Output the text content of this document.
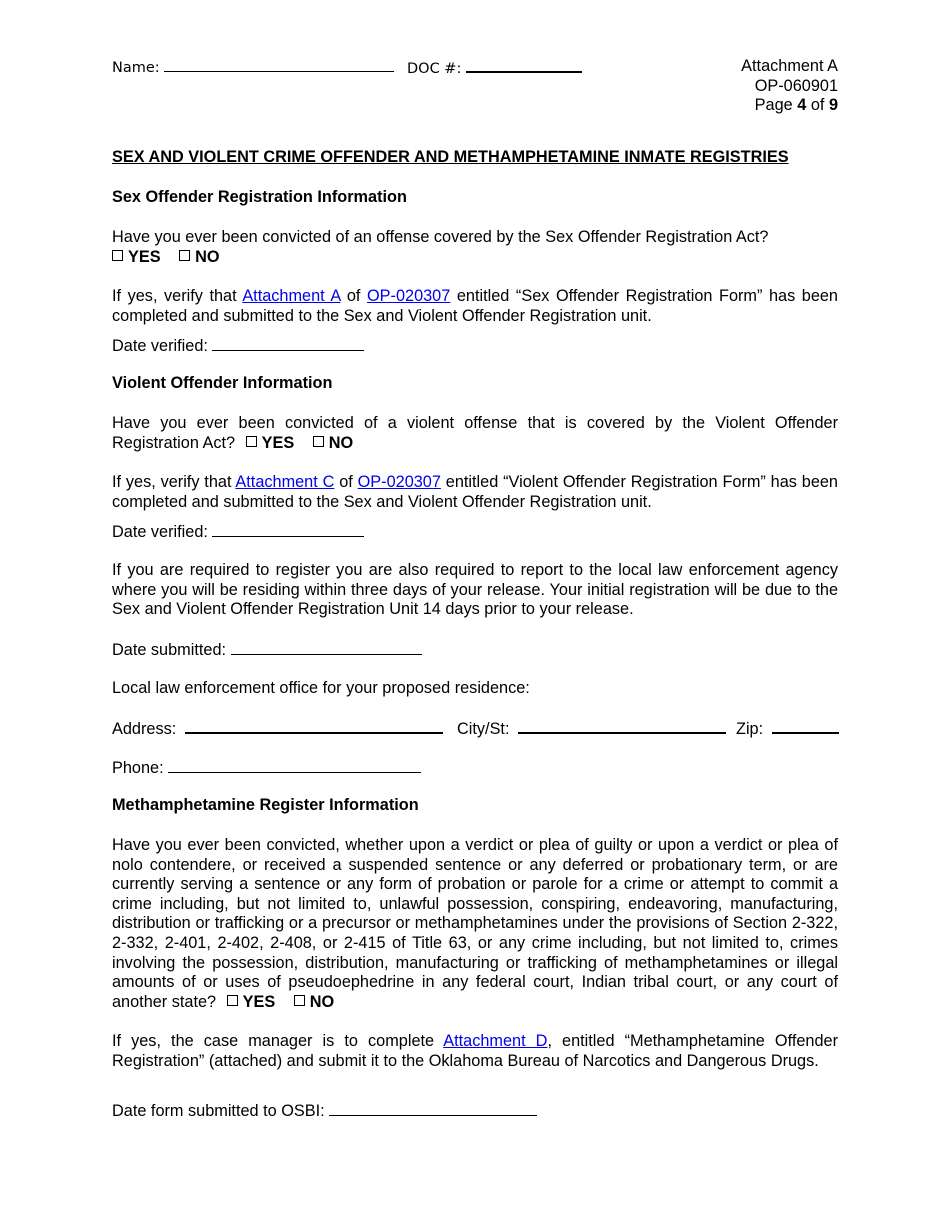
Name:	DOC #:	Attachment A
OP-060901
Page 4 of 9
SEX AND VIOLENT CRIME OFFENDER AND METHAMPHETAMINE INMATE REGISTRIES
Sex Offender Registration Information
Have you ever been convicted of an offense covered by the Sex Offender Registration Act?
YES NO
If yes, verify that Attachment A of OP-020307 entitled “Sex Offender Registration Form” has been completed and submitted to the Sex and Violent Offender Registration unit.
Date verified:
Violent Offender Information
Have you ever been convicted of a violent offense that is covered by the Violent Offender Registration Act? YES NO
If yes, verify that Attachment C of OP-020307 entitled “Violent Offender Registration Form” has been completed and submitted to the Sex and Violent Offender Registration unit.
Date verified:
If you are required to register you are also required to report to the local law enforcement agency where you will be residing within three days of your release. Your initial registration will be due to the Sex and Violent Offender Registration Unit 14 days prior to your release.
Date submitted:
Local law enforcement office for your proposed residence:
Address:	City/St:	Zip:
Phone:
Methamphetamine Register Information
Have you ever been convicted, whether upon a verdict or plea of guilty or upon a verdict or plea of nolo contendere, or received a suspended sentence or any deferred or probationary term, or are currently serving a sentence or any form of probation or parole for a crime or attempt to commit a crime including, but not limited to, unlawful possession, conspiring, endeavoring, manufacturing, distribution or trafficking or a precursor or methamphetamines under the provisions of Section 2-322, 2-332, 2-401, 2-402, 2-408, or 2-415 of Title 63, or any crime including, but not limited to, crimes involving the possession, distribution, manufacturing or trafficking of methamphetamines or illegal amounts of or uses of pseudoephedrine in any federal court, Indian tribal court, or any court of another state? YES NO
If yes, the case manager is to complete Attachment D, entitled “Methamphetamine Offender Registration” (attached) and submit it to the Oklahoma Bureau of Narcotics and Dangerous Drugs.
Date form submitted to OSBI:
